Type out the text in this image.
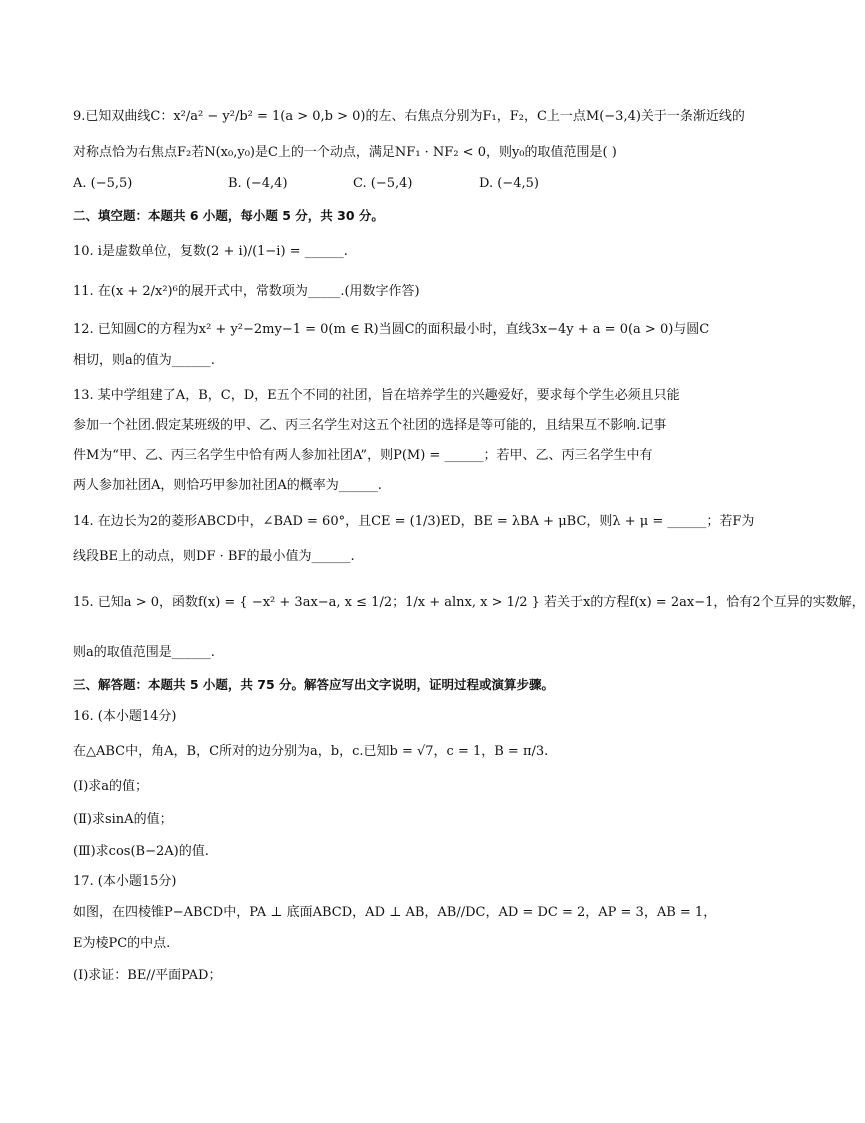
9.已知双曲线C：x²/a² − y²/b² = 1(a > 0,b > 0)的左、右焦点分别为F₁，F₂，C上一点M(−3,4)关于一条渐近线的
对称点恰为右焦点F₂若N(x₀,y₀)是C上的一个动点，满足NF₁ · NF₂ < 0，则y₀的取值范围是( )
A. (−5,5)	B. (−4,4)	C. (−5,4)	D. (−4,5)
二、填空题：本题共 6 小题，每小题 5 分，共 30 分。
10. i是虚数单位，复数(2 + i)/(1−i) = ______.
11. 在(x + 2/x²)⁶的展开式中，常数项为_____.(用数字作答)
12. 已知圆C的方程为x² + y²−2my−1 = 0(m ∈ R)当圆C的面积最小时，直线3x−4y + a = 0(a > 0)与圆C
相切，则a的值为______.
13. 某中学组建了A，B，C，D，E五个不同的社团，旨在培养学生的兴趣爱好，要求每个学生必须且只能
参加一个社团.假定某班级的甲、乙、丙三名学生对这五个社团的选择是等可能的，且结果互不影响.记事
件M为“甲、乙、丙三名学生中恰有两人参加社团A”，则P(M) = ______；若甲、乙、丙三名学生中有
两人参加社团A，则恰巧甲参加社团A的概率为______.
14. 在边长为2的菱形ABCD中，∠BAD = 60°，且CE = (1/3)ED，BE = λBA + μBC，则λ + μ = ______；若F为
线段BE上的动点，则DF · BF的最小值为______.
15. 已知a > 0，函数f(x) = { −x² + 3ax−a, x ≤ 1/2；1/x + alnx, x > 1/2 } 若关于x的方程f(x) = 2ax−1，恰有2个互异的实数解，
则a的取值范围是______.
三、解答题：本题共 5 小题，共 75 分。解答应写出文字说明，证明过程或演算步骤。
16. (本小题14分)
在△ABC中，角A，B，C所对的边分别为a，b，c.已知b = √7，c = 1，B = π/3.
(Ⅰ)求a的值；
(Ⅱ)求sinA的值；
(Ⅲ)求cos(B−2A)的值.
17. (本小题15分)
如图，在四棱锥P−ABCD中，PA ⊥ 底面ABCD，AD ⊥ AB，AB//DC，AD = DC = 2，AP = 3，AB = 1，
E为棱PC的中点.
(Ⅰ)求证：BE//平面PAD；
